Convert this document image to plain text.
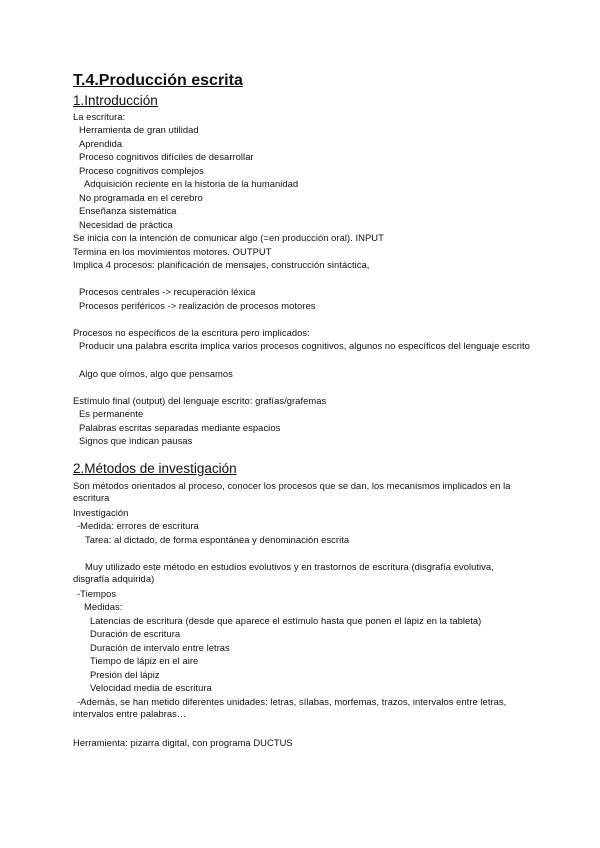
T.4.Producción escrita
1.Introducción
La escritura:
Herramienta de gran utilidad
Aprendida
Proceso cognitivos difíciles de desarrollar
Proceso cognitivos complejos
Adquisición reciente en la historia de la humanidad
No programada en el cerebro
Enseñanza sistemática
Necesidad de práctica
Se inicia con la intención de comunicar algo (=en producción oral). INPUT
Termina en los movimientos motores. OUTPUT
Implica 4 procesos: planificación de mensajes, construcción sintáctica,
Procesos centrales -> recuperación léxica
Procesos periféricos -> realización de procesos motores
Procesos no específicos de la escritura pero implicados:
Producir una palabra escrita implica varios procesos cognitivos, algunos no específicos del lenguaje escrito
Algo que oímos, algo que pensamos
Estímulo final (output) del lenguaje escrito: grafías/grafemas
Es permanente
Palabras escritas separadas mediante espacios
Signos que indican pausas
2.Métodos de investigación
Son métodos orientados al proceso, conocer los procesos que se dan, los mecanismos implicados en la escritura
Investigación
-Medida: errores de escritura
Tarea: al dictado, de forma espontánea y denominación escrita
Muy utilizado este método en estudios evolutivos y en trastornos de escritura (disgrafía evolutiva, disgrafía adquirida)
-Tiempos
Medidas:
Latencias de escritura (desde que aparece el estímulo hasta que ponen el lápiz en la tableta)
Duración de escritura
Duración de intervalo entre letras
Tiempo de lápiz en el aire
Presión del lápiz
Velocidad media de escritura
-Además, se han metido diferentes unidades: letras, sílabas, morfemas, trazos, intervalos entre letras, intervalos entre palabras…
Herramienta: pizarra digital, con programa DUCTUS
